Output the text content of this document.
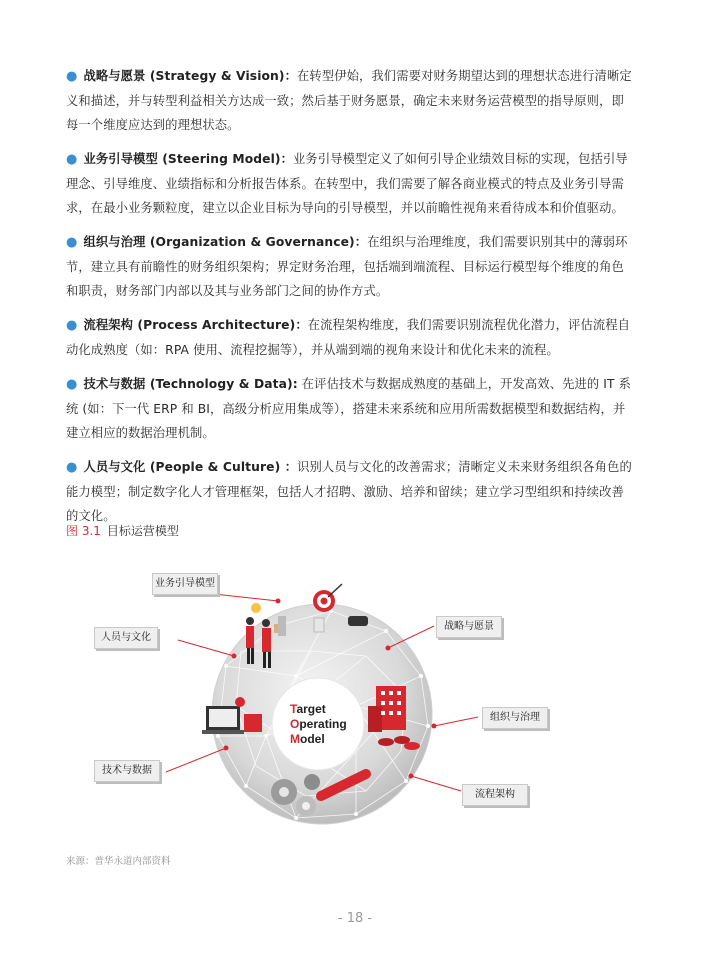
● 战略与愿景 (Strategy & Vision)：在转型伊始，我们需要对财务期望达到的理想状态进行清晰定义和描述，并与转型利益相关方达成一致；然后基于财务愿景，确定未来财务运营模型的指导原则，即每一个维度应达到的理想状态。

● 业务引导模型 (Steering Model)：业务引导模型定义了如何引导企业绩效目标的实现，包括引导理念、引导维度、业绩指标和分析报告体系。在转型中，我们需要了解各商业模式的特点及业务引导需求，在最小业务颗粒度，建立以企业目标为导向的引导模型，并以前瞻性视角来看待成本和价值驱动。

● 组织与治理 (Organization & Governance)：在组织与治理维度，我们需要识别其中的薄弱环节，建立具有前瞻性的财务组织架构；界定财务治理，包括端到端流程、目标运行模型每个维度的角色和职责，财务部门内部以及其与业务部门之间的协作方式。

● 流程架构 (Process Architecture)：在流程架构维度，我们需要识别流程优化潜力，评估流程自动化成熟度（如：RPA 使用、流程挖掘等），并从端到端的视角来设计和优化未来的流程。

● 技术与数据 (Technology & Data): 在评估技术与数据成熟度的基础上，开发高效、先进的 IT 系统 (如：下一代 ERP 和 BI，高级分析应用集成等），搭建未来系统和应用所需数据模型和数据结构，并建立相应的数据治理机制。

● 人员与文化 (People & Culture) ：识别人员与文化的改善需求；清晰定义未来财务组织各角色的能力模型；制定数字化人才管理框架，包括人才招聘、激励、培养和留续；建立学习型组织和持续改善的文化。

图 3.1 目标运营模型
Target
Operating
Model
业务引导模型
人员与文化
战略与愿景
组织与治理
技术与数据
流程架构
来源：普华永道内部资料
- 18 -
